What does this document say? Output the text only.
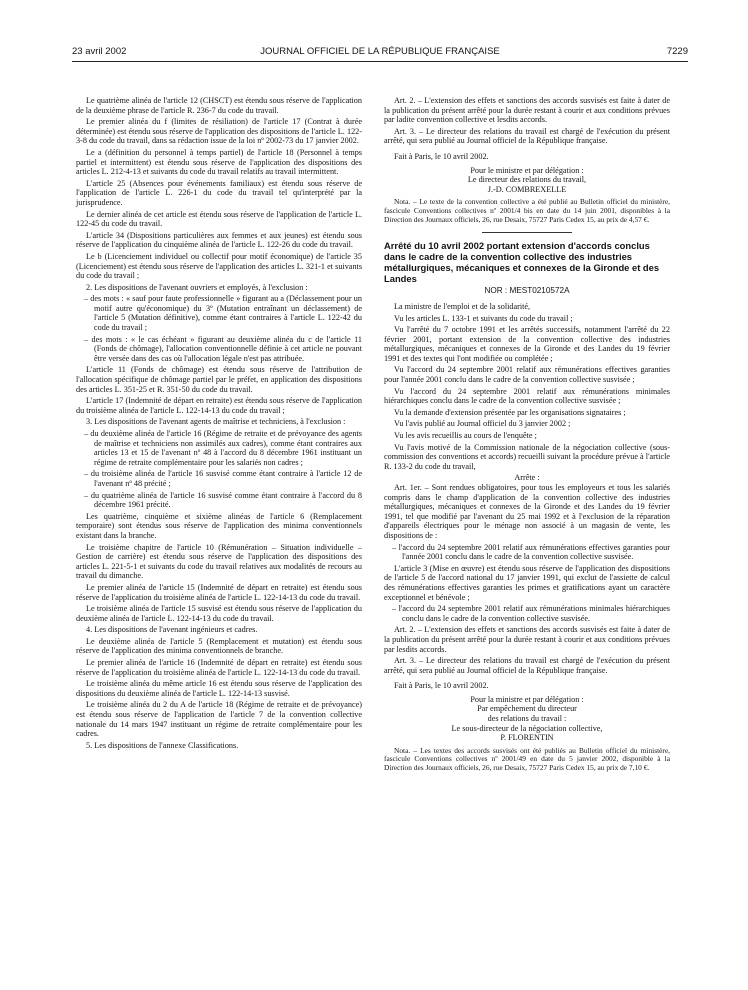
23 avril 2002	JOURNAL OFFICIEL DE LA RÉPUBLIQUE FRANÇAISE	7229

Le quatrième alinéa de l'article 12 (CHSCT) est étendu sous réserve de l'application de la deuxième phrase de l'article R. 236-7 du code du travail.

Le premier alinéa du f (limites de résiliation) de l'article 17 (Contrat à durée déterminée) est étendu sous réserve de l'application des dispositions de l'article L. 122-3-8 du code du travail, dans sa rédaction issue de la loi nº 2002-73 du 17 janvier 2002.

Le a (définition du personnel à temps partiel) de l'article 18 (Personnel à temps partiel et intermittent) est étendu sous réserve de l'application des dispositions des articles L. 212-4-13 et suivants du code du travail relatifs au travail intermittent.

L'article 25 (Absences pour événements familiaux) est étendu sous réserve de l'application de l'article L. 226-1 du code du travail tel qu'interprété par la jurisprudence.

Le dernier alinéa de cet article est étendu sous réserve de l'application de l'article L. 122-45 du code du travail.

L'article 34 (Dispositions particulières aux femmes et aux jeunes) est étendu sous réserve de l'application du cinquième alinéa de l'article L. 122-26 du code du travail.

Le b (Licenciement individuel ou collectif pour motif économique) de l'article 35 (Licenciement) est étendu sous réserve de l'application des articles L. 321-1 et suivants du code du travail ;

2. Les dispositions de l'avenant ouvriers et employés, à l'exclusion :

– des mots : « sauf pour faute professionnelle » figurant au a (Déclassement pour un motif autre qu'économique) du 3º (Mutation entraînant un déclassement) de l'article 5 (Mutation définitive), comme étant contraires à l'article L. 122-42 du code du travail ;

– des mots : « le cas échéant » figurant au deuxième alinéa du c de l'article 11 (Fonds de chômage), l'allocation conventionnelle définie à cet article ne pouvant être versée dans des cas où l'allocation légale n'est pas attribuée.

L'article 11 (Fonds de chômage) est étendu sous réserve de l'attribution de l'allocation spécifique de chômage partiel par le préfet, en application des dispositions des articles L. 351-25 et R. 351-50 du code du travail.

L'article 17 (Indemnité de départ en retraite) est étendu sous réserve de l'application du troisième alinéa de l'article L. 122-14-13 du code du travail ;

3. Les dispositions de l'avenant agents de maîtrise et techniciens, à l'exclusion :

– du deuxième alinéa de l'article 16 (Régime de retraite et de prévoyance des agents de maîtrise et techniciens non assimilés aux cadres), comme étant contraires aux articles 13 et 15 de l'avenant nº 48 à l'accord du 8 décembre 1961 instituant un régime de retraite complémentaire pour les salariés non cadres ;

– du troisième alinéa de l'article 16 susvisé comme étant contraire à l'article 12 de l'avenant nº 48 précité ;

– du quatrième alinéa de l'article 16 susvisé comme étant contraire à l'accord du 8 décembre 1961 précité.

Les quatrième, cinquième et sixième alinéas de l'article 6 (Remplacement temporaire) sont étendus sous réserve de l'application des minima conventionnels existant dans la branche.

Le troisième chapitre de l'article 10 (Rémunération – Situation individuelle – Gestion de carrière) est étendu sous réserve de l'application des dispositions des articles L. 221-5-1 et suivants du code du travail relatives aux modalités de recours au travail du dimanche.

Le premier alinéa de l'article 15 (Indemnité de départ en retraite) est étendu sous réserve de l'application du troisième alinéa de l'article L. 122-14-13 du code du travail.

Le troisième alinéa de l'article 15 susvisé est étendu sous réserve de l'application du deuxième alinéa de l'article L. 122-14-13 du code du travail.

4. Les dispositions de l'avenant ingénieurs et cadres.

Le deuxième alinéa de l'article 5 (Remplacement et mutation) est étendu sous réserve de l'application des minima conventionnels de branche.

Le premier alinéa de l'article 16 (Indemnité de départ en retraite) est étendu sous réserve de l'application du troisième alinéa de l'article L. 122-14-13 du code du travail.

Le troisième alinéa du même article 16 est étendu sous réserve de l'application des dispositions du deuxième alinéa de l'article L. 122-14-13 susvisé.

Le troisième alinéa du 2 du A de l'article 18 (Régime de retraite et de prévoyance) est étendu sous réserve de l'application de l'article 7 de la convention collective nationale du 14 mars 1947 instituant un régime de retraite complémentaire pour les cadres.

5. Les dispositions de l'annexe Classifications.

Art. 2. – L'extension des effets et sanctions des accords susvisés est faite à dater de la publication du présent arrêté pour la durée restant à courir et aux conditions prévues par ladite convention collective et lesdits accords.

Art. 3. – Le directeur des relations du travail est chargé de l'exécution du présent arrêté, qui sera publié au Journal officiel de la République française.

Fait à Paris, le 10 avril 2002.

Pour le ministre et par délégation :

Le directeur des relations du travail,

J.-D. COMBREXELLE

Nota. – Le texte de la convention collective a été publié au Bulletin officiel du ministère, fascicule Conventions collectives nº 2001/4 bis en date du 14 juin 2001, disponibles à la Direction des Journaux officiels, 26, rue Desaix, 75727 Paris Cedex 15, au prix de 4,57 €.

Arrêté du 10 avril 2002 portant extension d'accords conclus dans le cadre de la convention collective des industries métallurgiques, mécaniques et connexes de la Gironde et des Landes
NOR : MEST0210572A

La ministre de l'emploi et de la solidarité,

Vu les articles L. 133-1 et suivants du code du travail ;

Vu l'arrêté du 7 octobre 1991 et les arrêtés successifs, notamment l'arrêté du 22 février 2001, portant extension de la convention collective des industries métallurgiques, mécaniques et connexes de la Gironde et des Landes du 19 février 1991 et des textes qui l'ont modifiée ou complétée ;

Vu l'accord du 24 septembre 2001 relatif aux rémunérations effectives garanties pour l'année 2001 conclu dans le cadre de la convention collective susvisée ;

Vu l'accord du 24 septembre 2001 relatif aux rémunérations minimales hiérarchiques conclu dans le cadre de la convention collective susvisée ;

Vu la demande d'extension présentée par les organisations signataires ;

Vu l'avis publié au Journal officiel du 3 janvier 2002 ;

Vu les avis recueillis au cours de l'enquête ;

Vu l'avis motivé de la Commission nationale de la négociation collective (sous-commission des conventions et accords) recueilli suivant la procédure prévue à l'article R. 133-2 du code du travail,

Arrête :

Art. 1er. – Sont rendues obligatoires, pour tous les employeurs et tous les salariés compris dans le champ d'application de la convention collective des industries métallurgiques, mécaniques et connexes de la Gironde et des Landes du 19 février 1991, tel que modifié par l'avenant du 25 mai 1992 et à l'exclusion de la réparation d'appareils électriques pour le ménage non associé à un magasin de vente, les dispositions de :

– l'accord du 24 septembre 2001 relatif aux rémunérations effectives garanties pour l'année 2001 conclu dans le cadre de la convention collective susvisée.

L'article 3 (Mise en œuvre) est étendu sous réserve de l'application des dispositions de l'article 5 de l'accord national du 17 janvier 1991, qui exclut de l'assiette de calcul des rémunérations effectives garanties les primes et gratifications ayant un caractère exceptionnel et bénévole ;

– l'accord du 24 septembre 2001 relatif aux rémunérations minimales hiérarchiques conclu dans le cadre de la convention collective susvisée.

Art. 2. – L'extension des effets et sanctions des accords susvisés est faite à dater de la publication du présent arrêté pour la durée restant à courir et aux conditions prévues par lesdits accords.

Art. 3. – Le directeur des relations du travail est chargé de l'exécution du présent arrêté, qui sera publié au Journal officiel de la République française.

Fait à Paris, le 10 avril 2002.

Pour la ministre et par délégation :

Par empêchement du directeur

des relations du travail :

Le sous-directeur de la négociation collective,

P. FLORENTIN

Nota. – Les textes des accords susvisés ont été publiés au Bulletin officiel du ministère, fascicule Conventions collectives nº 2001/49 en date du 5 janvier 2002, disponible à la Direction des Journaux officiels, 26, rue Desaix, 75727 Paris Cedex 15, au prix de 7,10 €.
